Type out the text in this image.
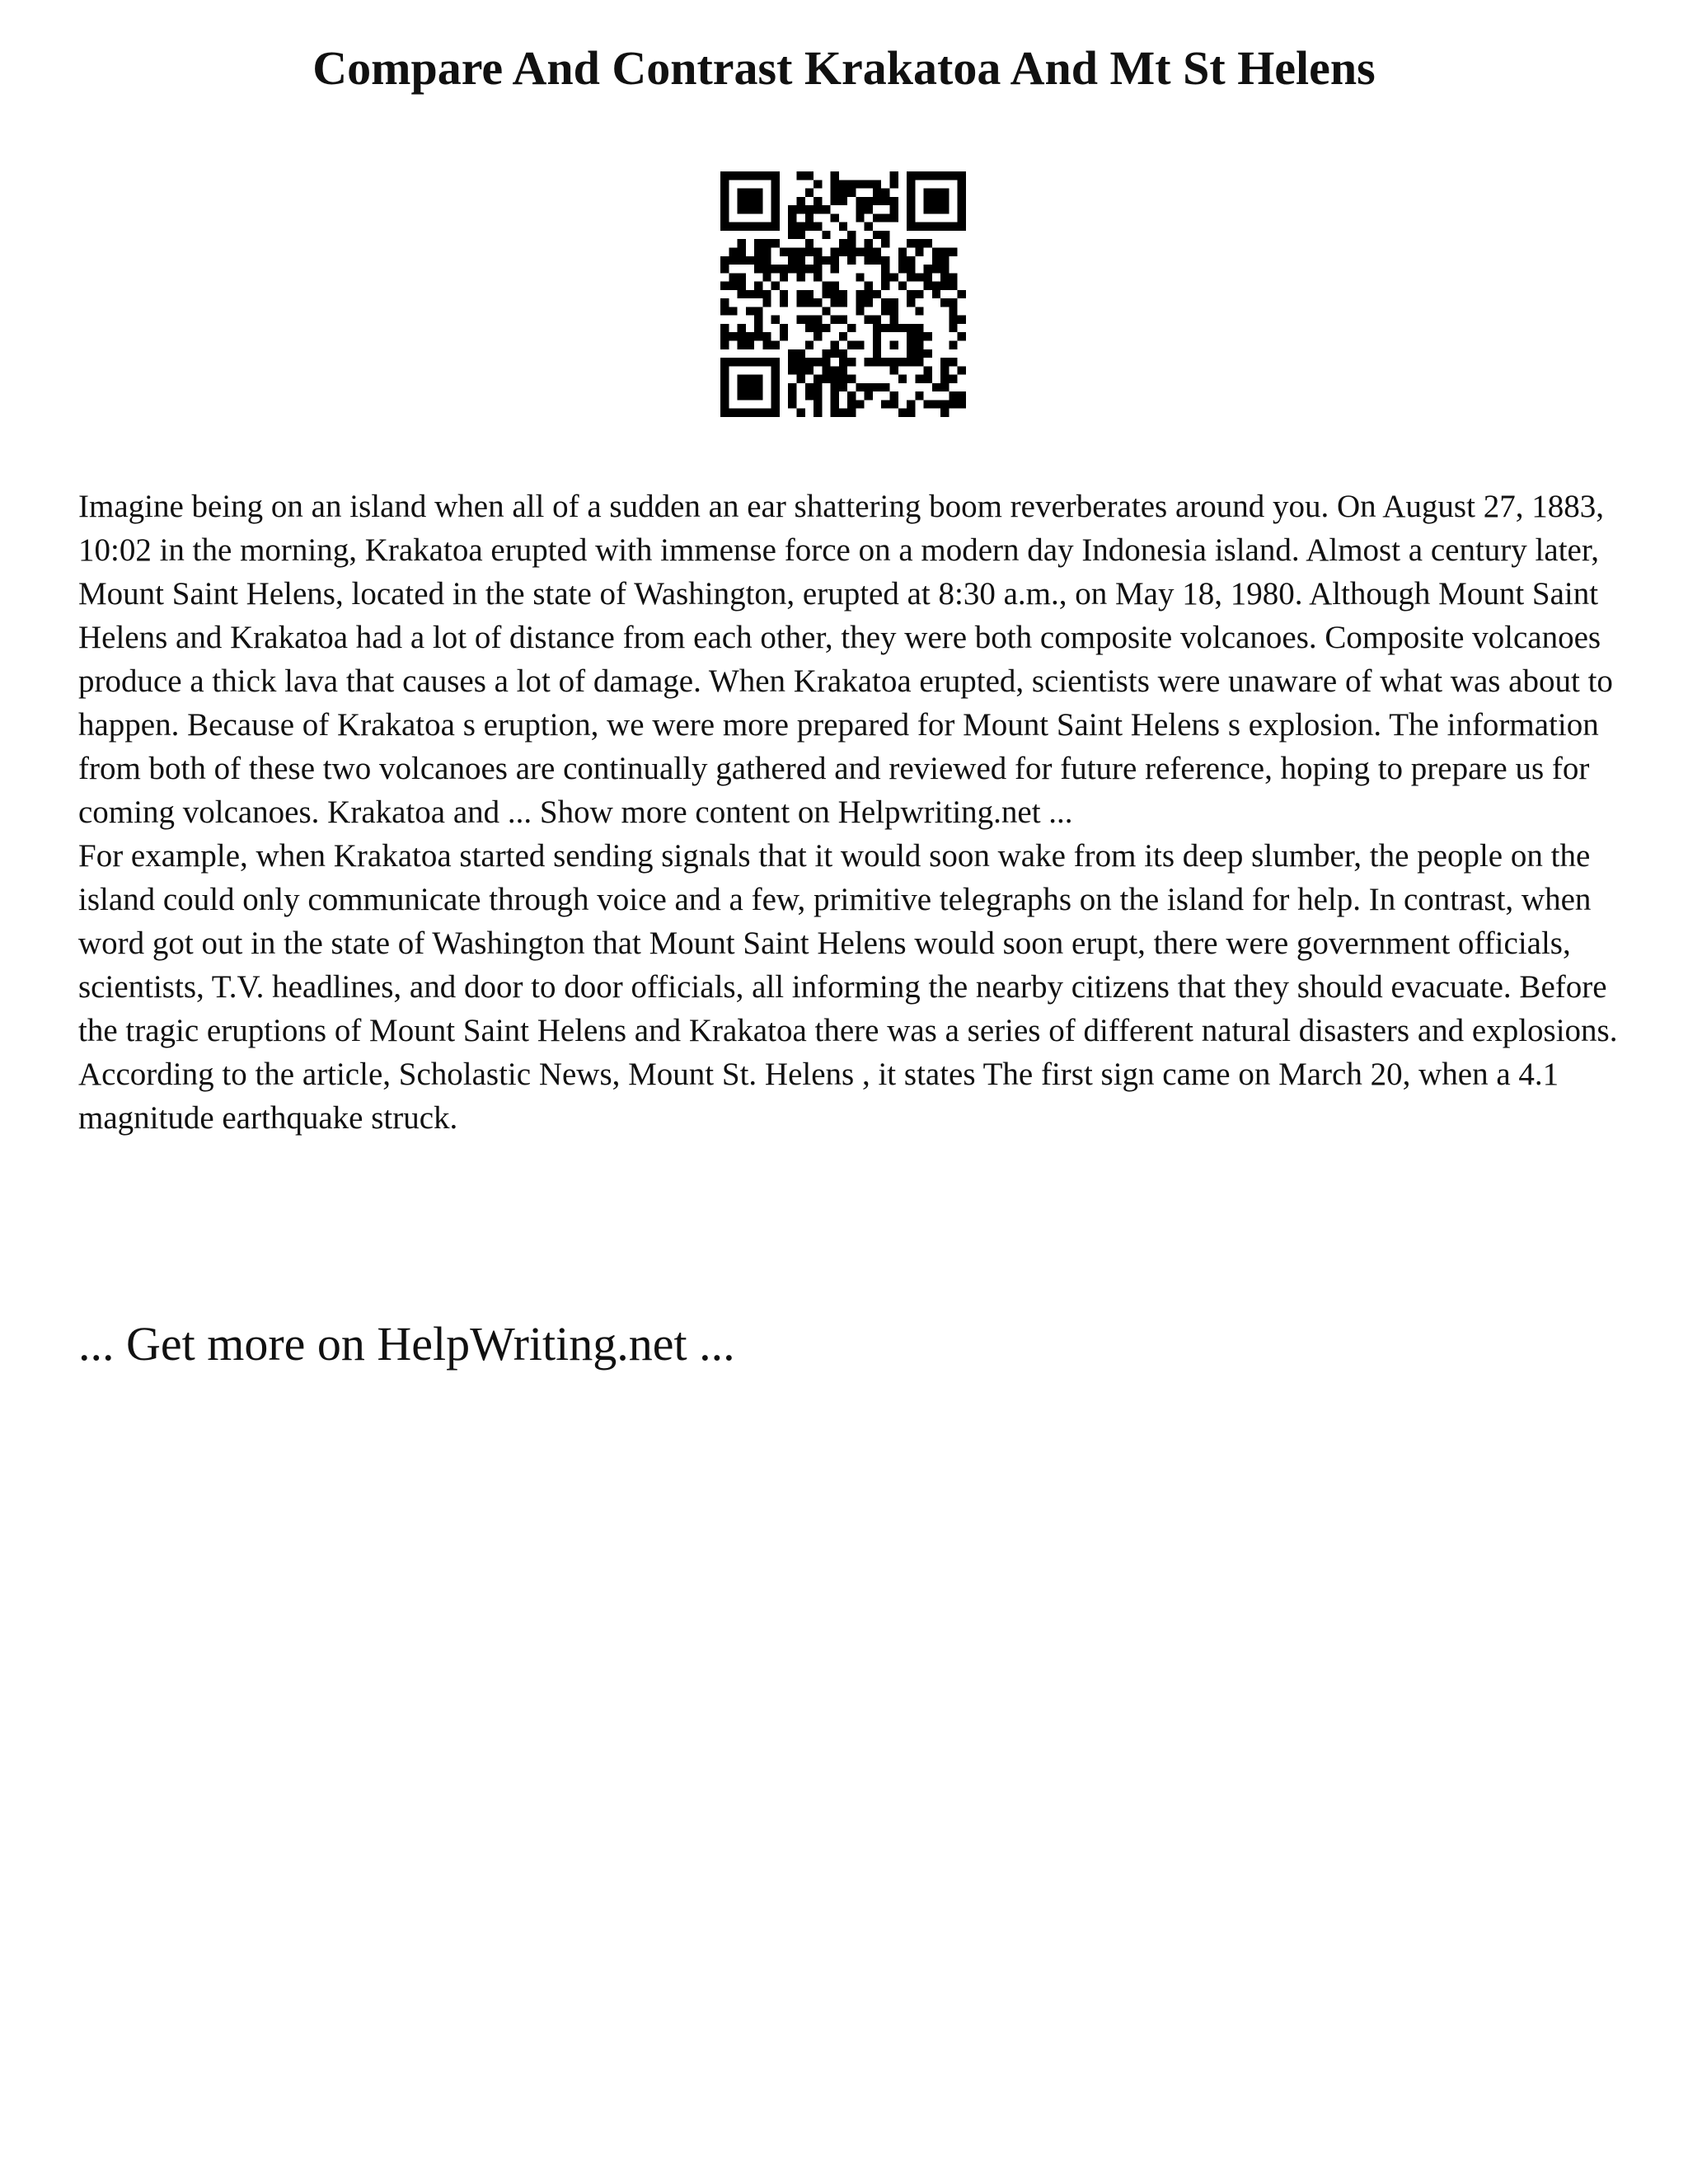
Compare And Contrast Krakatoa And Mt St Helens

Imagine being on an island when all of a sudden an ear shattering boom reverberates around you. On August 27, 1883, 10:02 in the morning, Krakatoa erupted with immense force on a modern day Indonesia island. Almost a century later, Mount Saint Helens, located in the state of Washington, erupted at 8:30 a.m., on May 18, 1980. Although Mount Saint Helens and Krakatoa had a lot of distance from each other, they were both composite volcanoes. Composite volcanoes produce a thick lava that causes a lot of damage. When Krakatoa erupted, scientists were unaware of what was about to happen. Because of Krakatoa s eruption, we were more prepared for Mount Saint Helens s explosion. The information from both of these two volcanoes are continually gathered and reviewed for future reference, hoping to prepare us for coming volcanoes. Krakatoa and ... Show more content on Helpwriting.net ...

For example, when Krakatoa started sending signals that it would soon wake from its deep slumber, the people on the island could only communicate through voice and a few, primitive telegraphs on the island for help. In contrast, when word got out in the state of Washington that Mount Saint Helens would soon erupt, there were government officials, scientists, T.V. headlines, and door to door officials, all informing the nearby citizens that they should evacuate. Before the tragic eruptions of Mount Saint Helens and Krakatoa there was a series of different natural disasters and explosions. According to the article, Scholastic News, Mount St. Helens , it states The first sign came on March 20, when a 4.1 magnitude earthquake struck.

... Get more on HelpWriting.net ...
